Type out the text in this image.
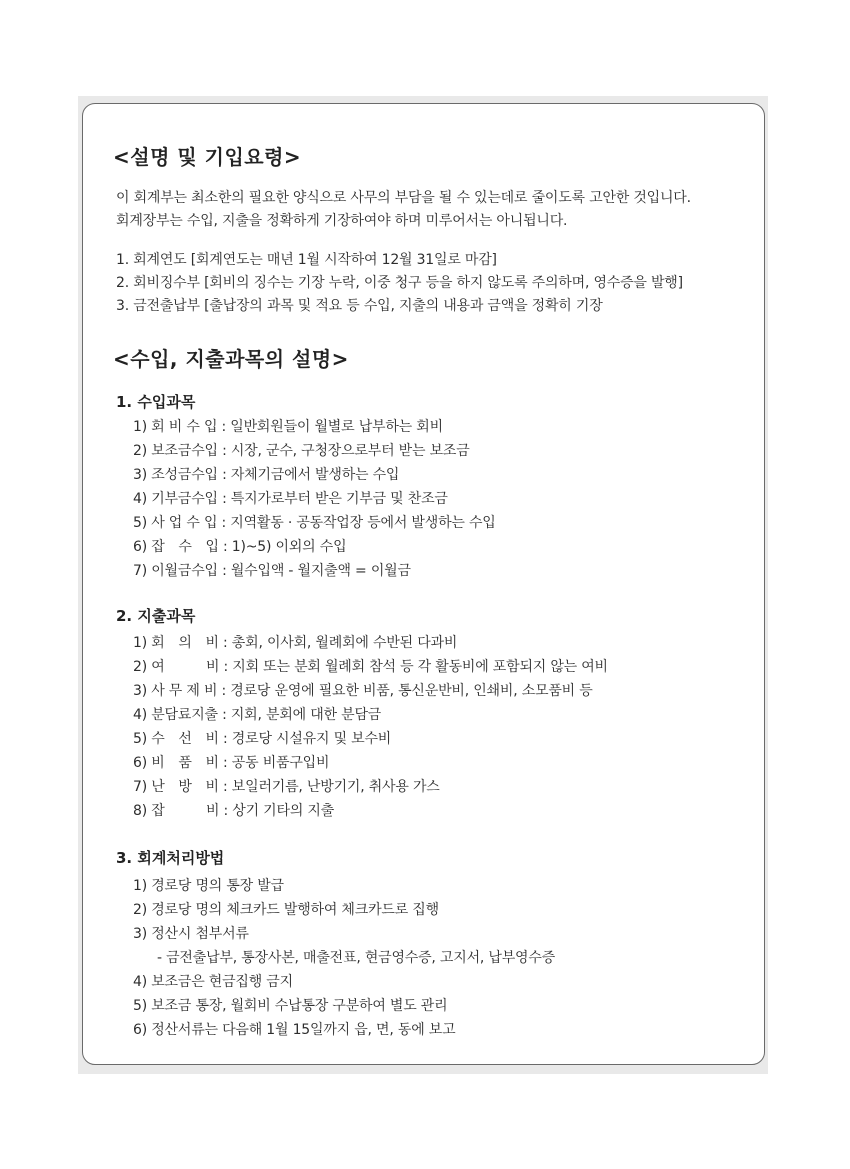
<설명 및 기입요령>
이 회계부는 최소한의 필요한 양식으로 사무의 부담을 될 수 있는데로 줄이도록 고안한 것입니다.
회계장부는 수입, 지출을 정확하게 기장하여야 하며 미루어서는 아니됩니다.
1. 회계연도 [회계연도는 매년 1월 시작하여 12월 31일로 마감]
2. 회비징수부 [회비의 징수는 기장 누락, 이중 청구 등을 하지 않도록 주의하며, 영수증을 발행]
3. 금전출납부 [출납장의 과목 및 적요 등 수입, 지출의 내용과 금액을 정확히 기장
<수입, 지출과목의 설명>
1. 수입과목
1) 회 비 수 입 : 일반회원들이 월별로 납부하는 회비
2) 보조금수입 : 시장, 군수, 구청장으로부터 받는 보조금
3) 조성금수입 : 자체기금에서 발생하는 수입
4) 기부금수입 : 특지가로부터 받은 기부금 및 찬조금
5) 사 업 수 입 : 지역활동 · 공동작업장 등에서 발생하는 수입
6) 잡　수　입 : 1)~5) 이외의 수입
7) 이월금수입 : 월수입액 - 월지출액 = 이월금
2. 지출과목
1) 회　의　비 : 총회, 이사회, 월례회에 수반된 다과비
2) 여　　　비 : 지회 또는 분회 월례회 참석 등 각 활동비에 포함되지 않는 여비
3) 사 무 제 비 : 경로당 운영에 필요한 비품, 통신운반비, 인쇄비, 소모품비 등
4) 분담료지출 : 지회, 분회에 대한 분담금
5) 수　선　비 : 경로당 시설유지 및 보수비
6) 비　품　비 : 공동 비품구입비
7) 난　방　비 : 보일러기름, 난방기기, 취사용 가스
8) 잡　　　비 : 상기 기타의 지출
3. 회계처리방법
1) 경로당 명의 통장 발급
2) 경로당 명의 체크카드 발행하여 체크카드로 집행
3) 정산시 첨부서류
- 금전출납부, 통장사본, 매출전표, 현금영수증, 고지서, 납부영수증
4) 보조금은 현금집행 금지
5) 보조금 통장, 월회비 수납통장 구분하여 별도 관리
6) 정산서류는 다음해 1월 15일까지 읍, 면, 동에 보고
